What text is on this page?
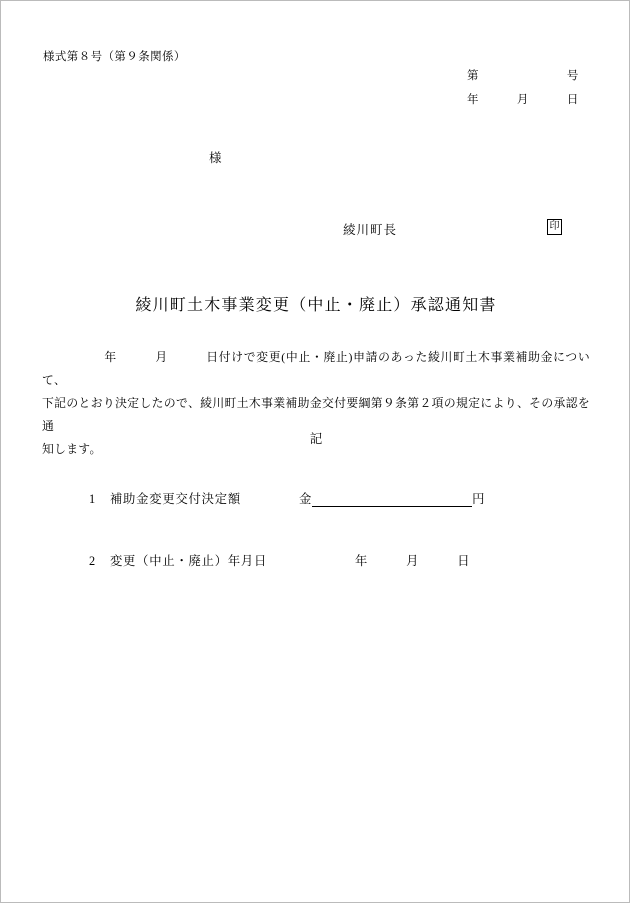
様式第８号（第９条関係）
第	号
年	月	日
様
綾川町長	印
綾川町土木事業変更（中止・廃止）承認通知書
年	月	日付けで変更(中止・廃止)申請のあった綾川町土木事業補助金について、
下記のとおり決定したので、綾川町土木事業補助金交付要綱第９条第２項の規定により、その承認を通
知します。
記
1 補助金変更交付決定額	金	円
2 変更（中止・廃止）年月日	年	月	日
